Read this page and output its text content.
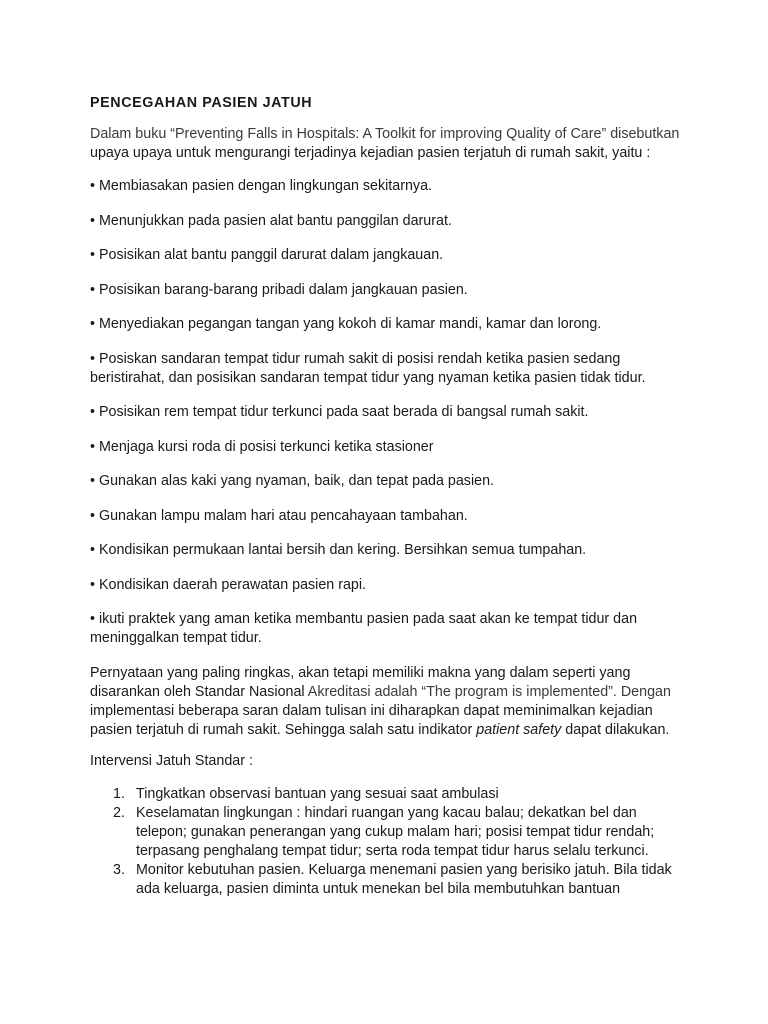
PENCEGAHAN PASIEN JATUH
Dalam buku “Preventing Falls in Hospitals: A Toolkit for improving Quality of Care” disebutkan upaya upaya untuk mengurangi terjadinya kejadian pasien terjatuh di rumah sakit, yaitu :
• Membiasakan pasien dengan lingkungan sekitarnya.
• Menunjukkan pada pasien alat bantu panggilan darurat.
• Posisikan alat bantu panggil darurat dalam jangkauan.
• Posisikan barang-barang pribadi dalam jangkauan pasien.
• Menyediakan pegangan tangan yang kokoh di kamar mandi, kamar dan lorong.
• Posiskan sandaran tempat tidur rumah sakit di posisi rendah ketika pasien sedang beristirahat, dan posisikan sandaran tempat tidur yang nyaman ketika pasien tidak tidur.
• Posisikan rem tempat tidur terkunci pada saat berada di bangsal rumah sakit.
• Menjaga kursi roda di posisi terkunci ketika stasioner
• Gunakan alas kaki yang nyaman, baik, dan tepat pada pasien.
• Gunakan lampu malam hari atau pencahayaan tambahan.
• Kondisikan permukaan lantai bersih dan kering. Bersihkan semua tumpahan.
• Kondisikan daerah perawatan pasien rapi.
• ikuti praktek yang aman ketika membantu pasien pada saat akan ke tempat tidur dan meninggalkan tempat tidur.
Pernyataan yang paling ringkas, akan tetapi memiliki makna yang dalam seperti yang disarankan oleh Standar Nasional Akreditasi adalah “The program is implemented”. Dengan implementasi beberapa saran dalam tulisan ini diharapkan dapat meminimalkan kejadian pasien terjatuh di rumah sakit. Sehingga salah satu indikator patient safety dapat dilakukan.
Intervensi Jatuh Standar :
1. Tingkatkan observasi bantuan yang sesuai saat ambulasi
2. Keselamatan lingkungan : hindari ruangan yang kacau balau; dekatkan bel dan telepon; gunakan penerangan yang cukup malam hari; posisi tempat tidur rendah; terpasang penghalang tempat tidur; serta roda tempat tidur harus selalu terkunci.
3. Monitor kebutuhan pasien. Keluarga menemani pasien yang berisiko jatuh. Bila tidak ada keluarga, pasien diminta untuk menekan bel bila membutuhkan bantuan
